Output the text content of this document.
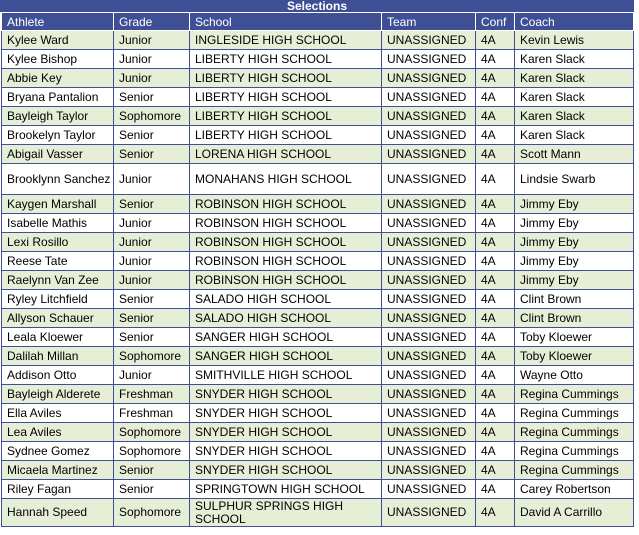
Selections
Athlete	Grade	School	Team	Conf	Coach
Kylee Ward	Junior	INGLESIDE HIGH SCHOOL	UNASSIGNED	4A	Kevin Lewis
Kylee Bishop	Junior	LIBERTY HIGH SCHOOL	UNASSIGNED	4A	Karen Slack
Abbie Key	Junior	LIBERTY HIGH SCHOOL	UNASSIGNED	4A	Karen Slack
Bryana Pantalion	Senior	LIBERTY HIGH SCHOOL	UNASSIGNED	4A	Karen Slack
Bayleigh Taylor	Sophomore	LIBERTY HIGH SCHOOL	UNASSIGNED	4A	Karen Slack
Brookelyn Taylor	Senior	LIBERTY HIGH SCHOOL	UNASSIGNED	4A	Karen Slack
Abigail Vasser	Senior	LORENA HIGH SCHOOL	UNASSIGNED	4A	Scott Mann
Brooklynn Sanchez	Junior	MONAHANS HIGH SCHOOL	UNASSIGNED	4A	Lindsie Swarb
Kaygen Marshall	Senior	ROBINSON HIGH SCHOOL	UNASSIGNED	4A	Jimmy Eby
Isabelle Mathis	Junior	ROBINSON HIGH SCHOOL	UNASSIGNED	4A	Jimmy Eby
Lexi Rosillo	Junior	ROBINSON HIGH SCHOOL	UNASSIGNED	4A	Jimmy Eby
Reese Tate	Junior	ROBINSON HIGH SCHOOL	UNASSIGNED	4A	Jimmy Eby
Raelynn Van Zee	Junior	ROBINSON HIGH SCHOOL	UNASSIGNED	4A	Jimmy Eby
Ryley Litchfield	Senior	SALADO HIGH SCHOOL	UNASSIGNED	4A	Clint Brown
Allyson Schauer	Senior	SALADO HIGH SCHOOL	UNASSIGNED	4A	Clint Brown
Leala Kloewer	Senior	SANGER HIGH SCHOOL	UNASSIGNED	4A	Toby Kloewer
Dalilah Millan	Sophomore	SANGER HIGH SCHOOL	UNASSIGNED	4A	Toby Kloewer
Addison Otto	Junior	SMITHVILLE HIGH SCHOOL	UNASSIGNED	4A	Wayne Otto
Bayleigh Alderete	Freshman	SNYDER HIGH SCHOOL	UNASSIGNED	4A	Regina Cummings
Ella Aviles	Freshman	SNYDER HIGH SCHOOL	UNASSIGNED	4A	Regina Cummings
Lea Aviles	Sophomore	SNYDER HIGH SCHOOL	UNASSIGNED	4A	Regina Cummings
Sydnee Gomez	Sophomore	SNYDER HIGH SCHOOL	UNASSIGNED	4A	Regina Cummings
Micaela Martinez	Senior	SNYDER HIGH SCHOOL	UNASSIGNED	4A	Regina Cummings
Riley Fagan	Senior	SPRINGTOWN HIGH SCHOOL	UNASSIGNED	4A	Carey Robertson
Hannah Speed	Sophomore	SULPHUR SPRINGS HIGH SCHOOL	UNASSIGNED	4A	David A Carrillo
